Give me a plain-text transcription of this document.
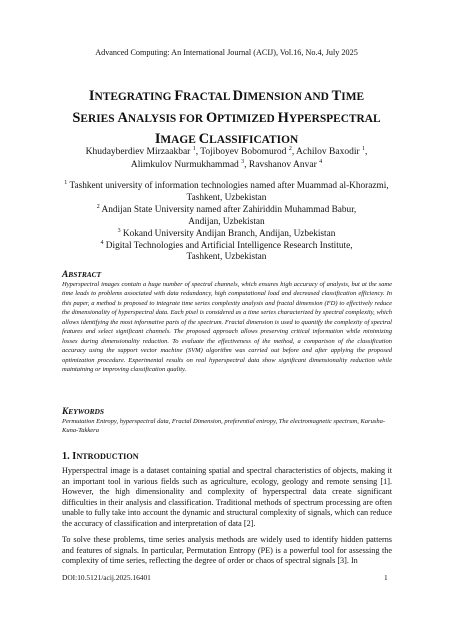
Advanced Computing: An International Journal (ACIJ), Vol.16, No.4, July 2025
INTEGRATING FRACTAL DIMENSION AND TIME
SERIES ANALYSIS FOR OPTIMIZED HYPERSPECTRAL
IMAGE CLASSIFICATION
Khudayberdiev Mirzaakbar $^1$, Tojiboyev Bobomurod $^2$, Achilov Baxodir $^1$,
Alimkulov Nurmukhammad $^3$, Ravshanov Anvar $^4$
$^1$ Tashkent university of information technologies named after Muammad al-Khorazmi,
Tashkent, Uzbekistan
$^2$ Andijan State University named after Zahiriddin Muhammad Babur,
Andijan, Uzbekistan
$^3$ Kokand University Andijan Branch, Andijan, Uzbekistan
$^4$ Digital Technologies and Artificial Intelligence Research Institute,
Tashkent, Uzbekistan
ABSTRACT
Hyperspectral images contain a huge number of spectral channels, which ensures high accuracy of analysis, but at the same time leads to problems associated with data redundancy, high computational load and decreased classification efficiency. In this paper, a method is proposed to integrate time series complexity analysis and fractal dimension (FD) to effectively reduce the dimensionality of hyperspectral data. Each pixel is considered as a time series characterized by spectral complexity, which allows identifying the most informative parts of the spectrum. Fractal dimension is used to quantify the complexity of spectral features and select significant channels. The proposed approach allows preserving critical information while minimizing losses during dimensionality reduction. To evaluate the effectiveness of the method, a comparison of the classification accuracy using the support vector machine (SVM) algorithm was carried out before and after applying the proposed optimization procedure. Experimental results on real hyperspectral data show significant dimensionality reduction while maintaining or improving classification quality.
KEYWORDS
Permutation Entropy, hyperspectral data, Fractal Dimension, preferential entropy, The electromagnetic spectrum, Karusha-Kuna-Takkera
1. INTRODUCTION
Hyperspectral image is a dataset containing spatial and spectral characteristics of objects, making it an important tool in various fields such as agriculture, ecology, geology and remote sensing [1]. However, the high dimensionality and complexity of hyperspectral data create significant difficulties in their analysis and classification. Traditional methods of spectrum processing are often unable to fully take into account the dynamic and structural complexity of signals, which can reduce the accuracy of classification and interpretation of data [2].
To solve these problems, time series analysis methods are widely used to identify hidden patterns and features of signals. In particular, Permutation Entropy (PE) is a powerful tool for assessing the complexity of time series, reflecting the degree of order or chaos of spectral signals [3]. In
DOI:10.5121/acij.2025.16401	1
